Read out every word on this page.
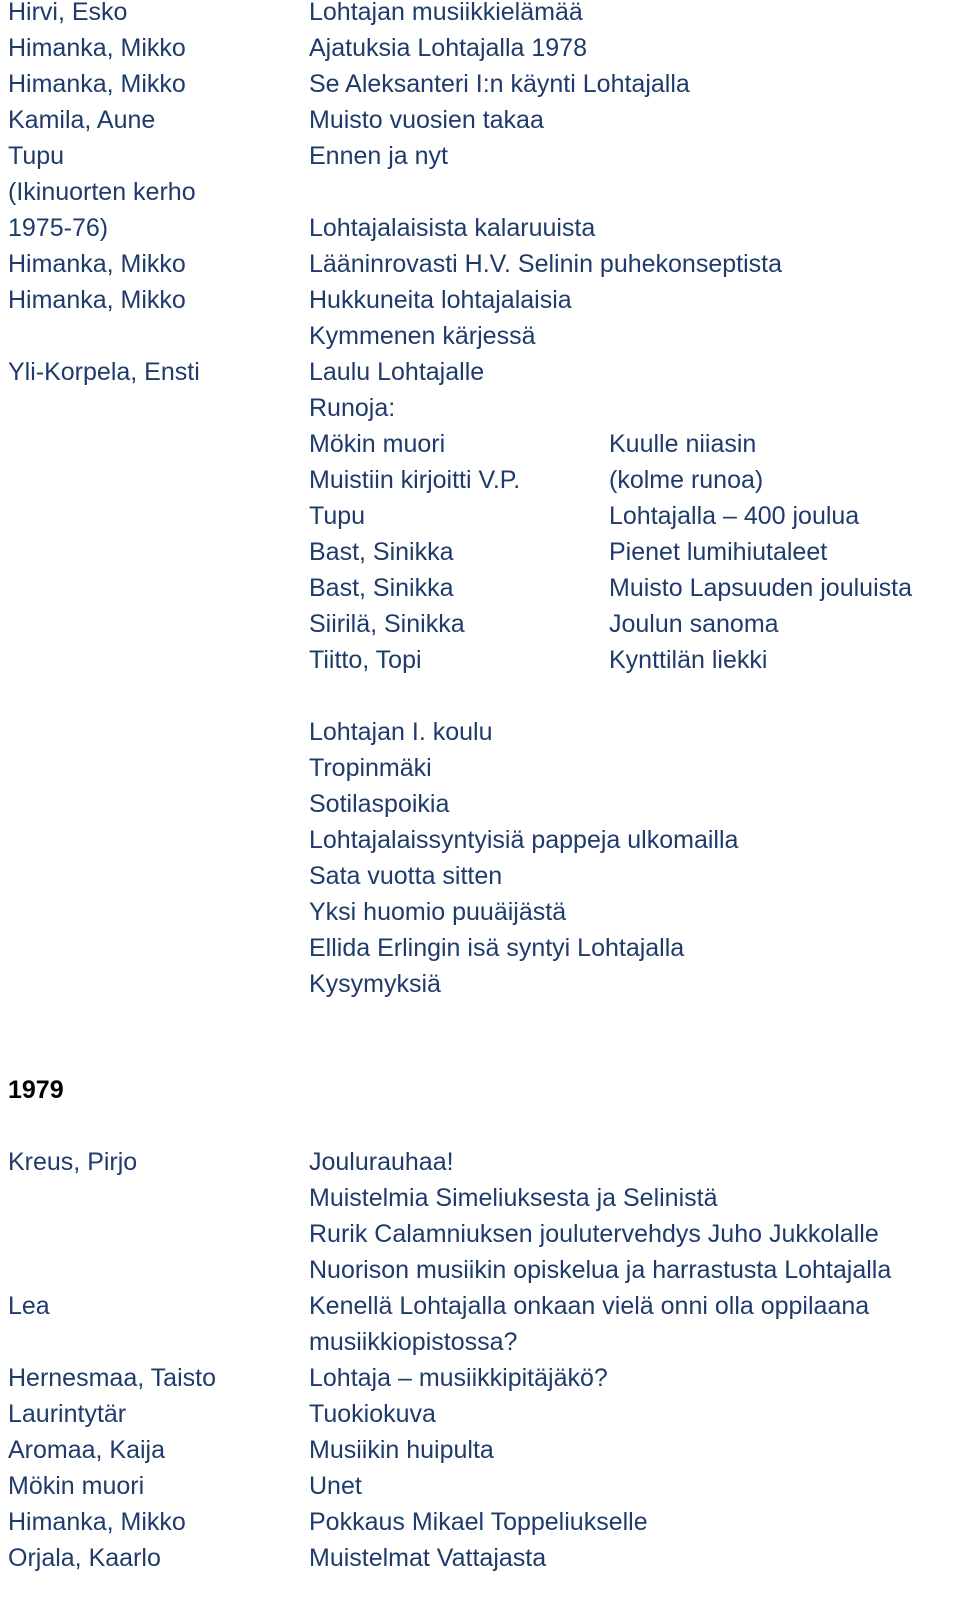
Hirvi, Esko	Lohtajan musiikkielämää
Himanka, Mikko	Ajatuksia Lohtajalla 1978
Himanka, Mikko	Se Aleksanteri I:n käynti Lohtajalla
Kamila, Aune	Muisto vuosien takaa
Tupu	Ennen ja nyt
(Ikinuorten kerho
1975-76)	Lohtajalaisista kalaruuista
Himanka, Mikko	Lääninrovasti H.V. Selinin puhekonseptista
Himanka, Mikko	Hukkuneita lohtajalaisia
Kymmenen kärjessä
Yli-Korpela, Ensti	Laulu Lohtajalle
Runoja:
Mökin muori	Kuulle niiasin
Muistiin kirjoitti V.P.	(kolme runoa)
Tupu	Lohtajalla – 400 joulua
Bast, Sinikka	Pienet lumihiutaleet
Bast, Sinikka	Muisto Lapsuuden jouluista
Siirilä, Sinikka	Joulun sanoma
Tiitto, Topi	Kynttilän liekki
Lohtajan I. koulu
Tropinmäki
Sotilaspoikia
Lohtajalaissyntyisiä pappeja ulkomailla
Sata vuotta sitten
Yksi huomio puuäijästä
Ellida Erlingin isä syntyi Lohtajalla
Kysymyksiä
1979
Kreus, Pirjo	Joulurauhaa!
Muistelmia Simeliuksesta ja Selinistä
Rurik Calamniuksen joulutervehdys Juho Jukkolalle
Nuorison musiikin opiskelua ja harrastusta Lohtajalla
Lea	Kenellä Lohtajalla onkaan vielä onni olla oppilaana
musiikkiopistossa?
Hernesmaa, Taisto	Lohtaja – musiikkipitäjäkö?
Laurintytär	Tuokiokuva
Aromaa, Kaija	Musiikin huipulta
Mökin muori	Unet
Himanka, Mikko	Pokkaus Mikael Toppeliukselle
Orjala, Kaarlo	Muistelmat Vattajasta
